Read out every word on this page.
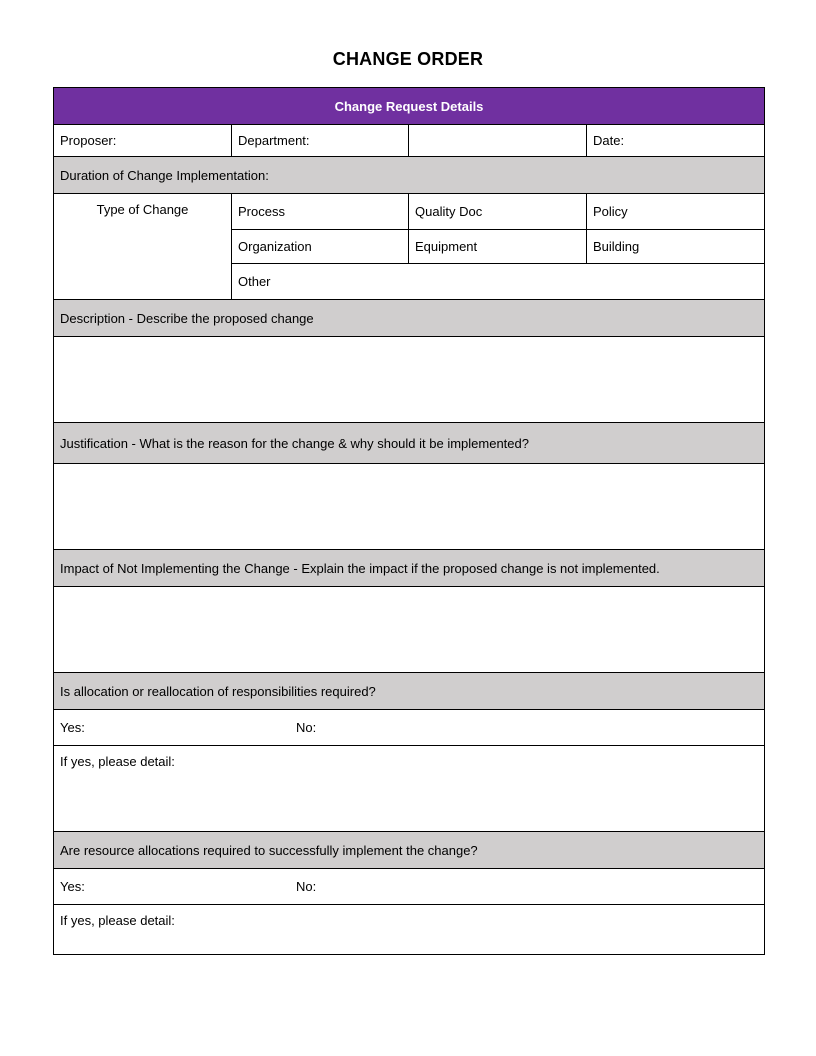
CHANGE ORDER
Change Request Details			
Proposer:	Department:		Date:
Duration of Change Implementation:			
Type of Change	Process	Quality Doc	Policy
	Organization	Equipment	Building
	Other		
Description - Describe the proposed change			

Justification - What is the reason for the change & why should it be implemented?			

Impact of Not Implementing the Change - Explain the impact if the proposed change is not implemented.			

Is allocation or reallocation of responsibilities required?			

Yes: No:			

If yes, please detail:			
Are resource allocations required to successfully implement the change?			

Yes: No:			

If yes, please detail:			
